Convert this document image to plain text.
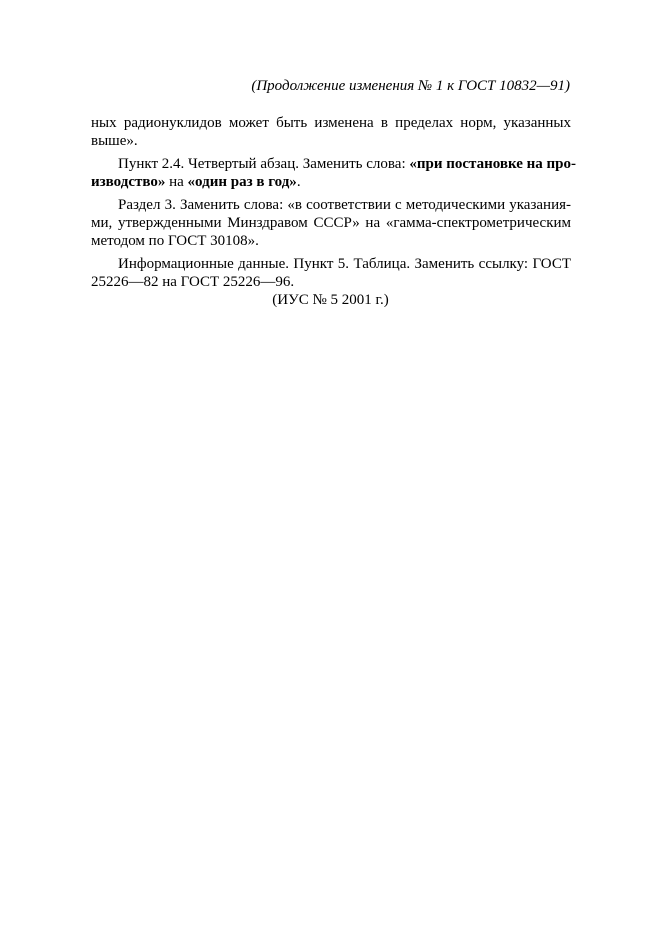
(Продолжение изменения № 1 к ГОСТ 10832—91)
ных радионуклидов может быть изменена в пределах норм, указанных
выше».
Пункт 2.4. Четвертый абзац. Заменить слова: «при постановке на про-
изводство» на «один раз в год».
Раздел 3. Заменить слова: «в соответствии с методическими указания-
ми, утвержденными Минздравом СССР» на «гамма-спектрометрическим
методом по ГОСТ 30108».
Информационные данные. Пункт 5. Таблица. Заменить ссылку: ГОСТ
25226—82 на ГОСТ 25226—96.
(ИУС № 5 2001 г.)
